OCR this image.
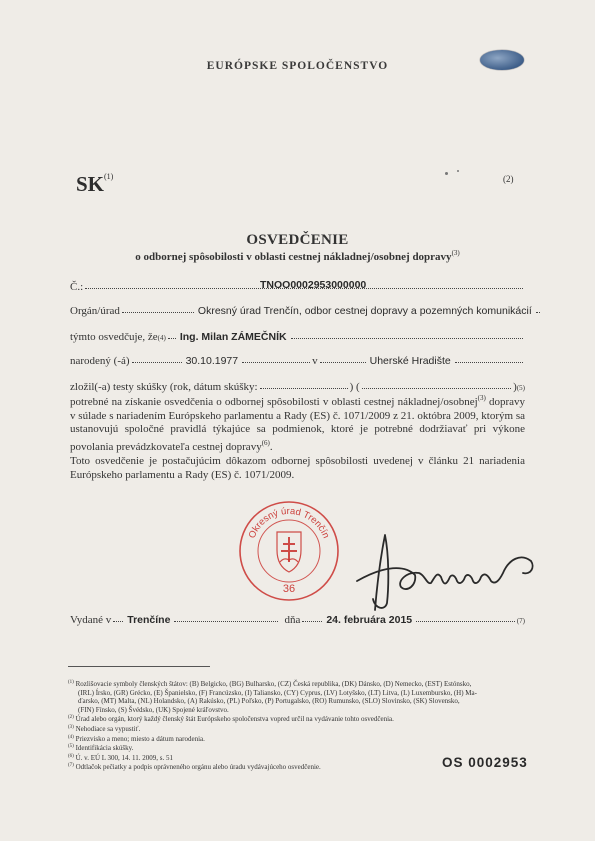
EURÓPSKE SPOLOČENSTVO
SK$^{(1)}$	(2)
OSVEDČENIE
o odbornej spôsobilosti v oblasti cestnej nákladnej/osobnej dopravy$^{(3)}$
Č.:	TNOO0002953000000
Orgán/úrad	Okresný úrad Trenčín, odbor cestnej dopravy a pozemných komunikácií
týmto osvedčuje, že (4) Ing. Milan ZÁMEČNÍK
narodený (-á)	30.10.1977	v	Uherské Hradište
zložil(-a) testy skúšky (rok, dátum skúšky:	) (	) (5)
potrebné na získanie osvedčenia o odbornej spôsobilosti v oblasti cestnej nákladnej/osobnej$^{(3)}$ dopravy v súlade s nariadením Európskeho parlamentu a Rady (ES) č. 1071/2009 z 21. októbra 2009, ktorým sa ustanovujú spoločné pravidlá týkajúce sa podmienok, ktoré je potrebné dodržiavať pri výkone povolania prevádzkovateľa cestnej dopravy$^{(6)}$.
Toto osvedčenie je postačujúcim dôkazom odbornej spôsobilosti uvedenej v článku 21 nariadenia Európskeho parlamentu a Rady (ES) č. 1071/2009.
Okresný úrad Trenčín
36
Vydané v Trenčíne	dňa 24. februára 2015	(7)

$^{(1)}$ Rozlišovacie symboly členských štátov: (B) Belgicko, (BG) Bulharsko, (CZ) Česká republika, (DK) Dánsko, (D) Nemecko, (EST) Estónsko,

(IRL) Írsko, (GR) Grécko, (E) Španielsko, (F) Francúzsko, (I) Taliansko, (CY) Cyprus, (LV) Lotyšsko, (LT) Litva, (L) Luxembursko, (H) Ma-

ďarsko, (MT) Malta, (NL) Holandsko, (A) Rakúsko, (PL) Poľsko, (P) Portugalsko, (RO) Rumunsko, (SLO) Slovinsko, (SK) Slovensko,

(FIN) Fínsko, (S) Švédsko, (UK) Spojené kráľovstvo.

$^{(2)}$ Úrad alebo orgán, ktorý každý členský štát Európskeho spoločenstva vopred určil na vydávanie tohto osvedčenia.

$^{(3)}$ Nehodiace sa vypustiť.

$^{(4)}$ Priezvisko a meno; miesto a dátum narodenia.

$^{(5)}$ Identifikácia skúšky.

$^{(6)}$ Ú. v. EÚ L 300, 14. 11. 2009, s. 51

$^{(7)}$ Odtlačok pečiatky a podpis oprávneného orgánu alebo úradu vydávajúceho osvedčenie.	OS 0002953
